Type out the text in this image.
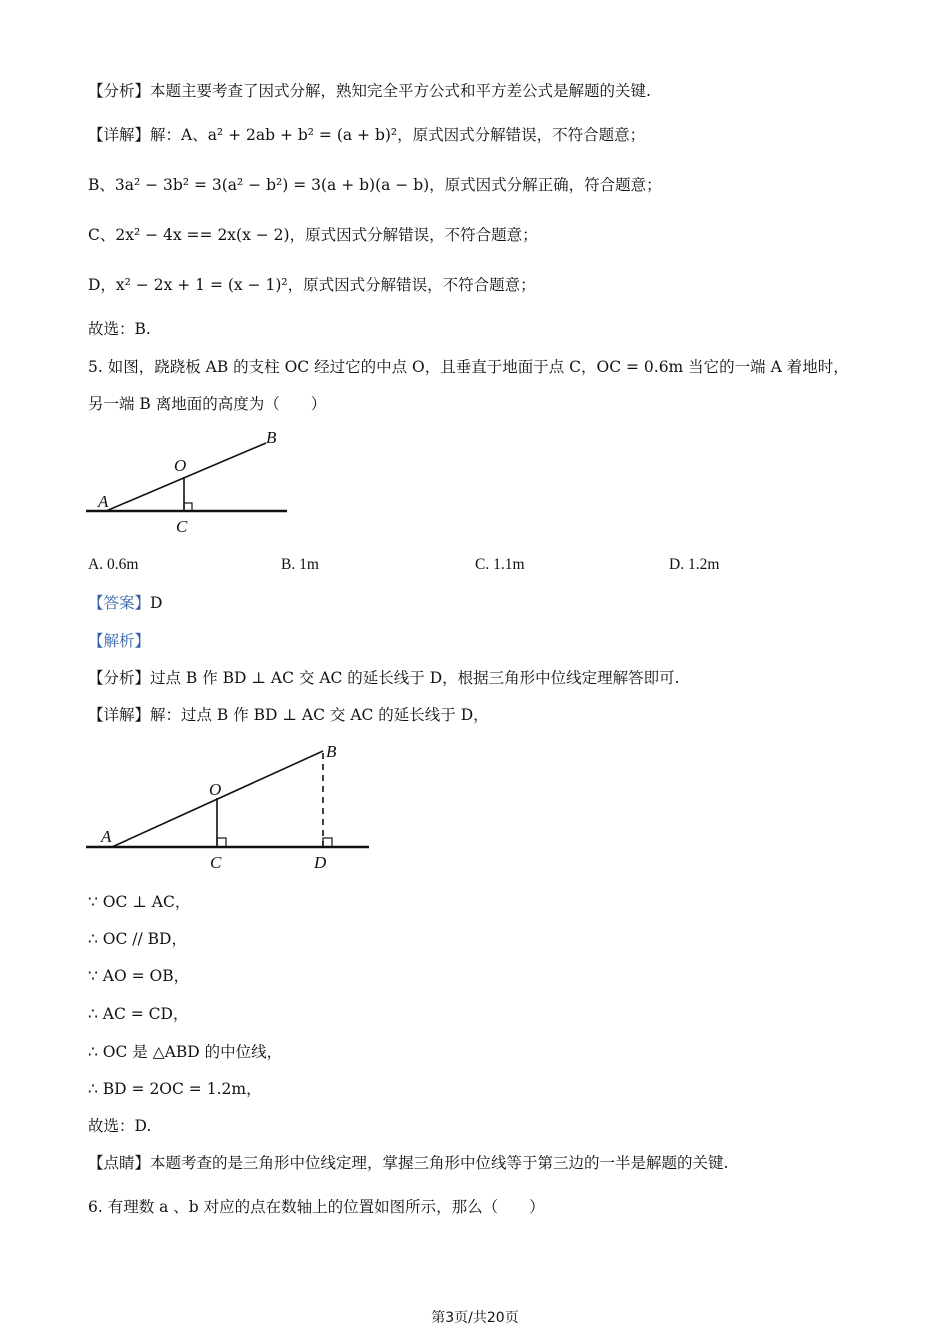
【分析】本题主要考查了因式分解，熟知完全平方公式和平方差公式是解题的关键.
【详解】解：A、a² + 2ab + b² = (a + b)²，原式因式分解错误，不符合题意；
B、3a² − 3b² = 3(a² − b²) = 3(a + b)(a − b)，原式因式分解正确，符合题意；
C、2x² − 4x == 2x(x − 2)，原式因式分解错误，不符合题意；
D，x² − 2x + 1 = (x − 1)²，原式因式分解错误，不符合题意；
故选：B.
5. 如图，跷跷板 AB 的支柱 OC 经过它的中点 O，且垂直于地面于点 C，OC = 0.6m 当它的一端 A 着地时，
另一端 B 离地面的高度为（　　）
A
B
O
C
A. 0.6m	B. 1m	C. 1.1m	D. 1.2m
【答案】D
【解析】
【分析】过点 B 作 BD ⊥ AC 交 AC 的延长线于 D，根据三角形中位线定理解答即可.
【详解】解：过点 B 作 BD ⊥ AC 交 AC 的延长线于 D，
A
B
O
C	D
∵ OC ⊥ AC，
∴ OC // BD，
∵ AO = OB，
∴ AC = CD，
∴ OC 是 △ABD 的中位线，
∴ BD = 2OC = 1.2m，
故选：D.
【点睛】本题考查的是三角形中位线定理，掌握三角形中位线等于第三边的一半是解题的关键.
6. 有理数 a 、b 对应的点在数轴上的位置如图所示，那么（　　）
第3页/共20页
